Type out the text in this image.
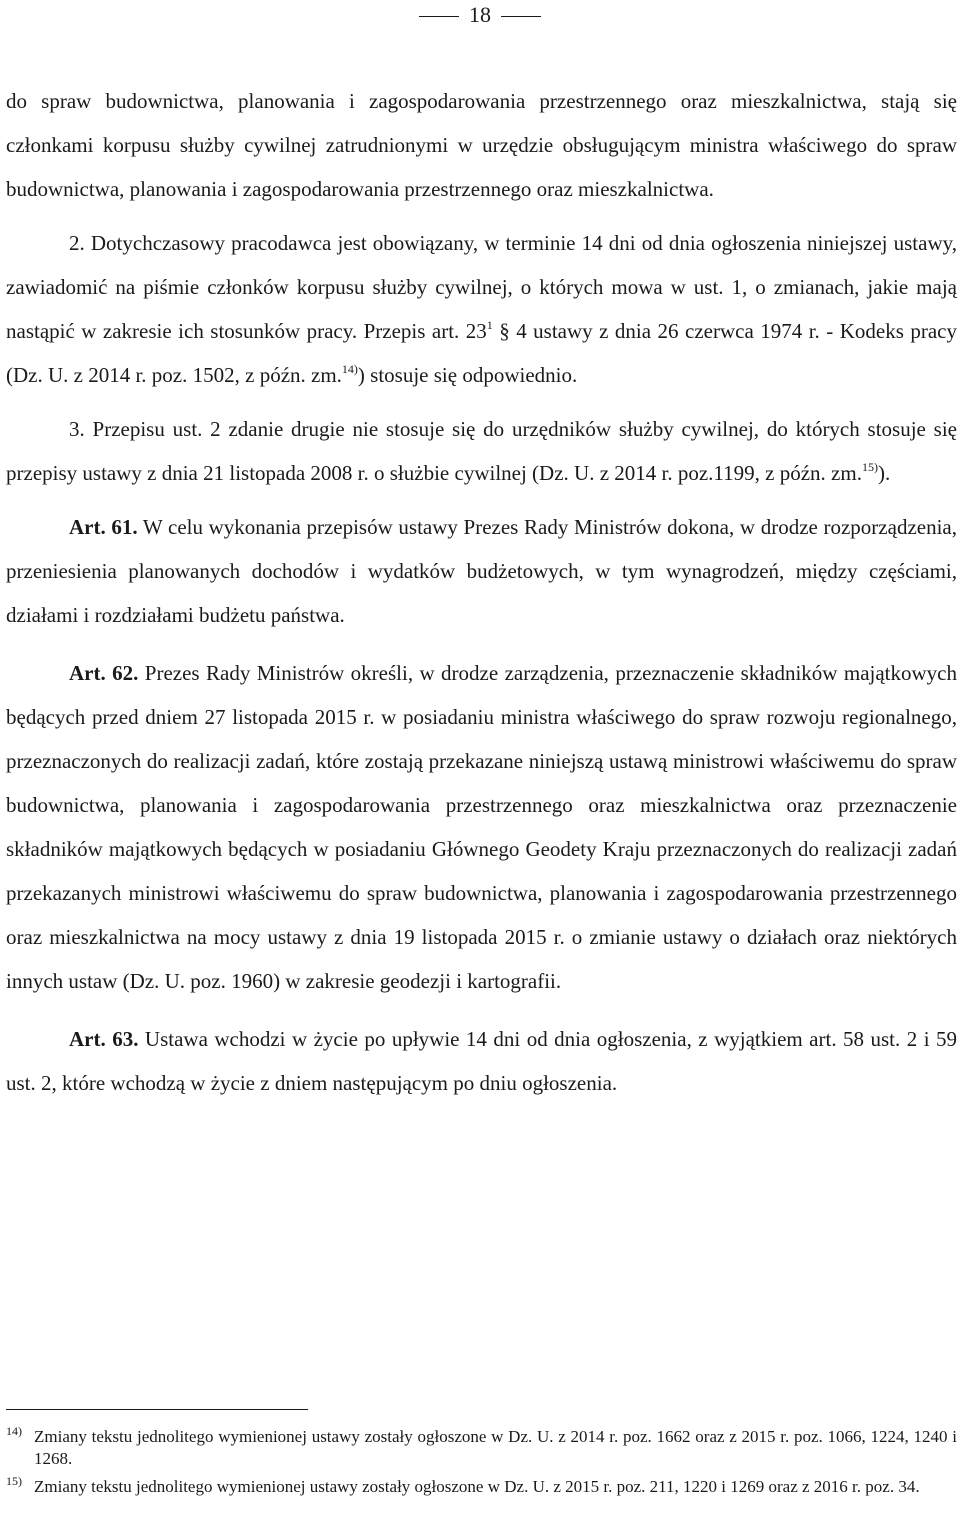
18

do spraw budownictwa, planowania i zagospodarowania przestrzennego oraz mieszkalnictwa, stają się członkami korpusu służby cywilnej zatrudnionymi w urzędzie obsługującym ministra właściwego do spraw budownictwa, planowania i zagospodarowania przestrzennego oraz mieszkalnictwa.

2. Dotychczasowy pracodawca jest obowiązany, w terminie 14 dni od dnia ogłoszenia niniejszej ustawy, zawiadomić na piśmie członków korpusu służby cywilnej, o których mowa w ust. 1, o zmianach, jakie mają nastąpić w zakresie ich stosunków pracy. Przepis art. $23^1$ § 4 ustawy z dnia 26 czerwca 1974 r. - Kodeks pracy (Dz. U. z 2014 r. poz. 1502, z późn. zm.$^{14)}$) stosuje się odpowiednio.

3. Przepisu ust. 2 zdanie drugie nie stosuje się do urzędników służby cywilnej, do których stosuje się przepisy ustawy z dnia 21 listopada 2008 r. o służbie cywilnej (Dz. U. z 2014 r. poz.1199, z późn. zm.$^{15)}$).

Art. 61. W celu wykonania przepisów ustawy Prezes Rady Ministrów dokona, w drodze rozporządzenia, przeniesienia planowanych dochodów i wydatków budżetowych, w tym wynagrodzeń, między częściami, działami i rozdziałami budżetu państwa.

Art. 62. Prezes Rady Ministrów określi, w drodze zarządzenia, przeznaczenie składników majątkowych będących przed dniem 27 listopada 2015 r. w posiadaniu ministra właściwego do spraw rozwoju regionalnego, przeznaczonych do realizacji zadań, które zostają przekazane niniejszą ustawą ministrowi właściwemu do spraw budownictwa, planowania i zagospodarowania przestrzennego oraz mieszkalnictwa oraz przeznaczenie składników majątkowych będących w posiadaniu Głównego Geodety Kraju przeznaczonych do realizacji zadań przekazanych ministrowi właściwemu do spraw budownictwa, planowania i zagospodarowania przestrzennego oraz mieszkalnictwa na mocy ustawy z dnia 19 listopada 2015 r. o zmianie ustawy o działach oraz niektórych innych ustaw (Dz. U. poz. 1960) w zakresie geodezji i kartografii.

Art. 63. Ustawa wchodzi w życie po upływie 14 dni od dnia ogłoszenia, z wyjątkiem art. 58 ust. 2 i 59 ust. 2, które wchodzą w życie z dniem następującym po dniu ogłoszenia.

14) Zmiany tekstu jednolitego wymienionej ustawy zostały ogłoszone w Dz. U. z 2014 r. poz. 1662 oraz z 2015 r. poz. 1066, 1224, 1240 i 1268.

15) Zmiany tekstu jednolitego wymienionej ustawy zostały ogłoszone w Dz. U. z 2015 r. poz. 211, 1220 i 1269 oraz z 2016 r. poz. 34.
